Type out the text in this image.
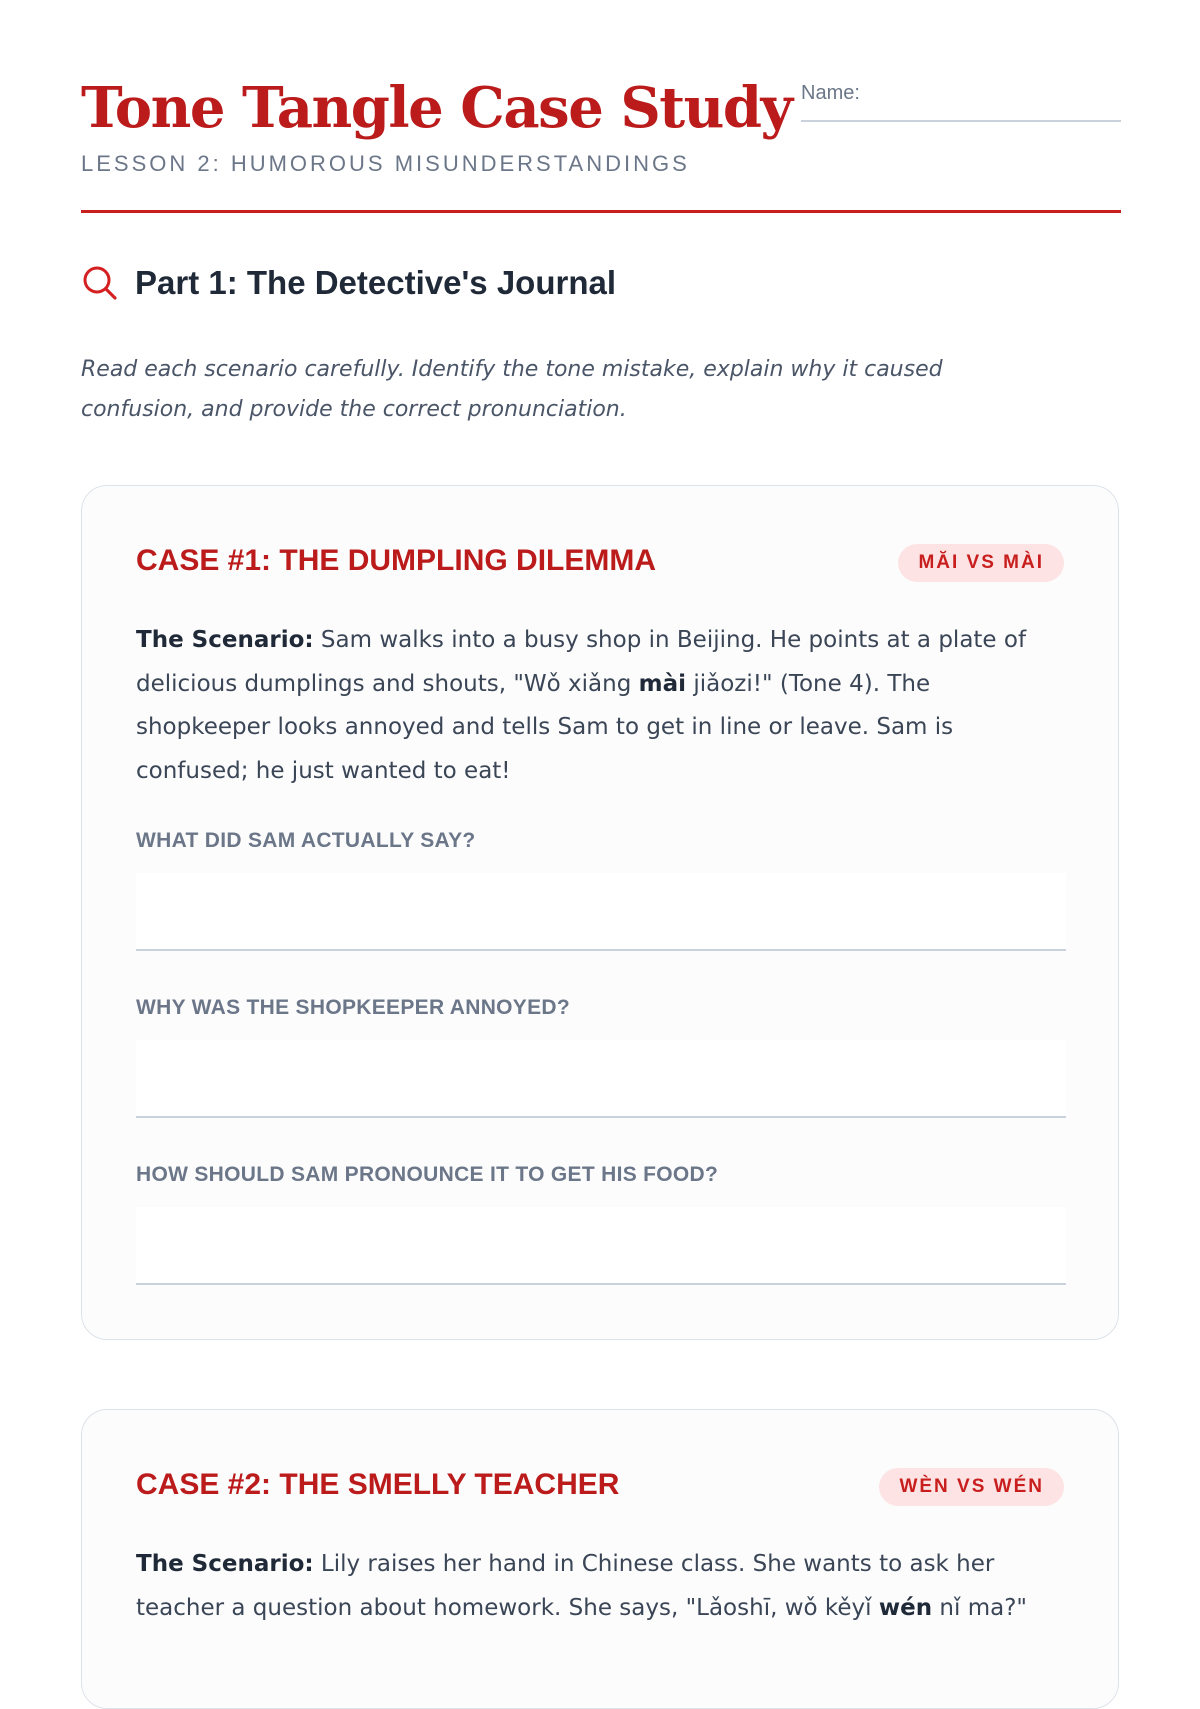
Tone Tangle Case Study
LESSON 2: HUMOROUS MISUNDERSTANDINGS
Name:
Part 1: The Detective's Journal

Read each scenario carefully. Identify the tone mistake, explain why it caused confusion, and provide the correct pronunciation.

CASE #1: THE DUMPLING DILEMMA	MĂI VS MÀI

The Scenario: Sam walks into a busy shop in Beijing. He points at a plate of delicious dumplings and shouts, "Wǒ xiǎng mài jiǎozi!" (Tone 4). The shopkeeper looks annoyed and tells Sam to get in line or leave. Sam is confused; he just wanted to eat!

WHAT DID SAM ACTUALLY SAY?
WHY WAS THE SHOPKEEPER ANNOYED?
HOW SHOULD SAM PRONOUNCE IT TO GET HIS FOOD?
CASE #2: THE SMELLY TEACHER	WÈN VS WÉN

The Scenario: Lily raises her hand in Chinese class. She wants to ask her teacher a question about homework. She says, "Lǎoshī, wǒ kěyǐ wén nǐ ma?"
